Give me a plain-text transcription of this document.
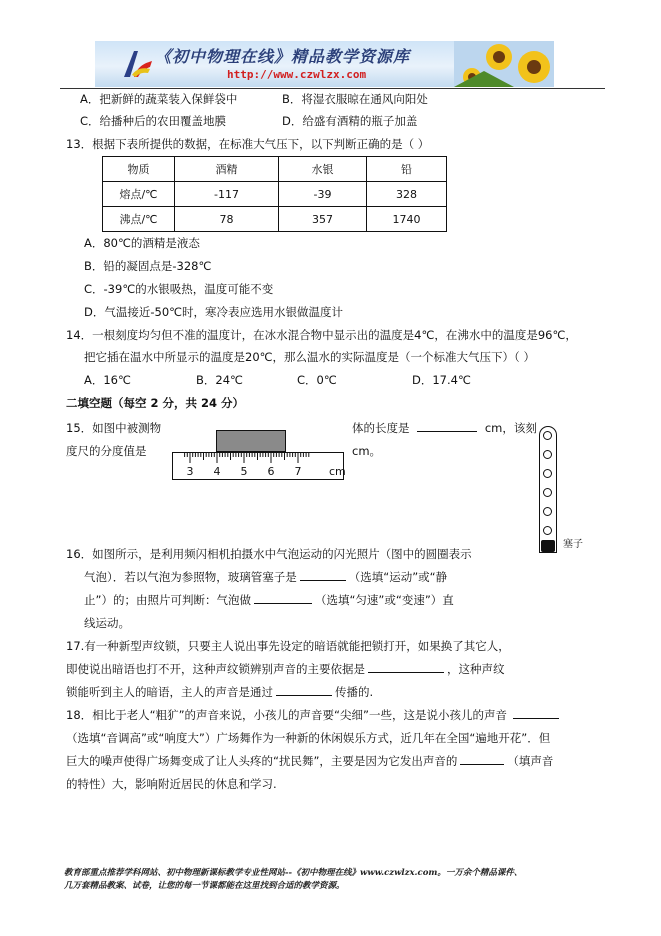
《初中物理在线》精品教学资源库
http://www.czwlzx.com
A．把新鲜的蔬菜装入保鲜袋中	B．将湿衣服晾在通风向阳处
C．给播种后的农田覆盖地膜	D．给盛有酒精的瓶子加盖
13．根据下表所提供的数据，在标准大气压下，以下判断正确的是（ ）
物质	酒精	水银	铅
熔点/℃	-117	-39	328
沸点/℃	78	357	1740
A．80℃的酒精是液态
B．铅的凝固点是-328℃
C．-39℃的水银吸热，温度可能不变
D．气温接近-50℃时，寒冷表应选用水银做温度计
14．一根刻度均匀但不准的温度计，在冰水混合物中显示出的温度是4℃，在沸水中的温度是96℃，
把它插在温水中所显示的温度是20℃，那么温水的实际温度是（一个标准大气压下）（ ）
A．16℃	B．24℃	C．0℃	D．17.4℃
二填空题（每空 2 分，共 24 分）
15．如图中被测物
度尺的分度值是
体的长度是	cm，该刻
cm。
3 4 5 6 7	cm
16．如图所示，是利用频闪相机拍摄水中气泡运动的闪光照片（图中的圆圈表示
气泡）．若以气泡为参照物，玻璃管塞子是	（选填“运动”或“静
止”）的；由照片可判断：气泡做	（选填“匀速”或“变速”）直
线运动。
塞子
17.有一种新型声纹锁，只要主人说出事先设定的暗语就能把锁打开，如果换了其它人，
即使说出暗语也打不开，这种声纹锁辨别声音的主要依据是	，这种声纹
锁能听到主人的暗语，主人的声音是通过	传播的.
18．相比于老人“粗犷”的声音来说，小孩儿的声音要“尖细”一些，这是说小孩儿的声音
（选填“音调高”或“响度大”）广场舞作为一种新的休闲娱乐方式，近几年在全国“遍地开花”．但
巨大的噪声使得广场舞变成了让人头疼的“扰民舞”，主要是因为它发出声音的	（填声音
的特性）大，影响附近居民的休息和学习.
教育部重点推荐学科网站、初中物理新课标教学专业性网站--《初中物理在线》www.czwlzx.com。一万余个精品课件、
几万套精品教案、试卷，让您的每一节课都能在这里找到合适的教学资源。
